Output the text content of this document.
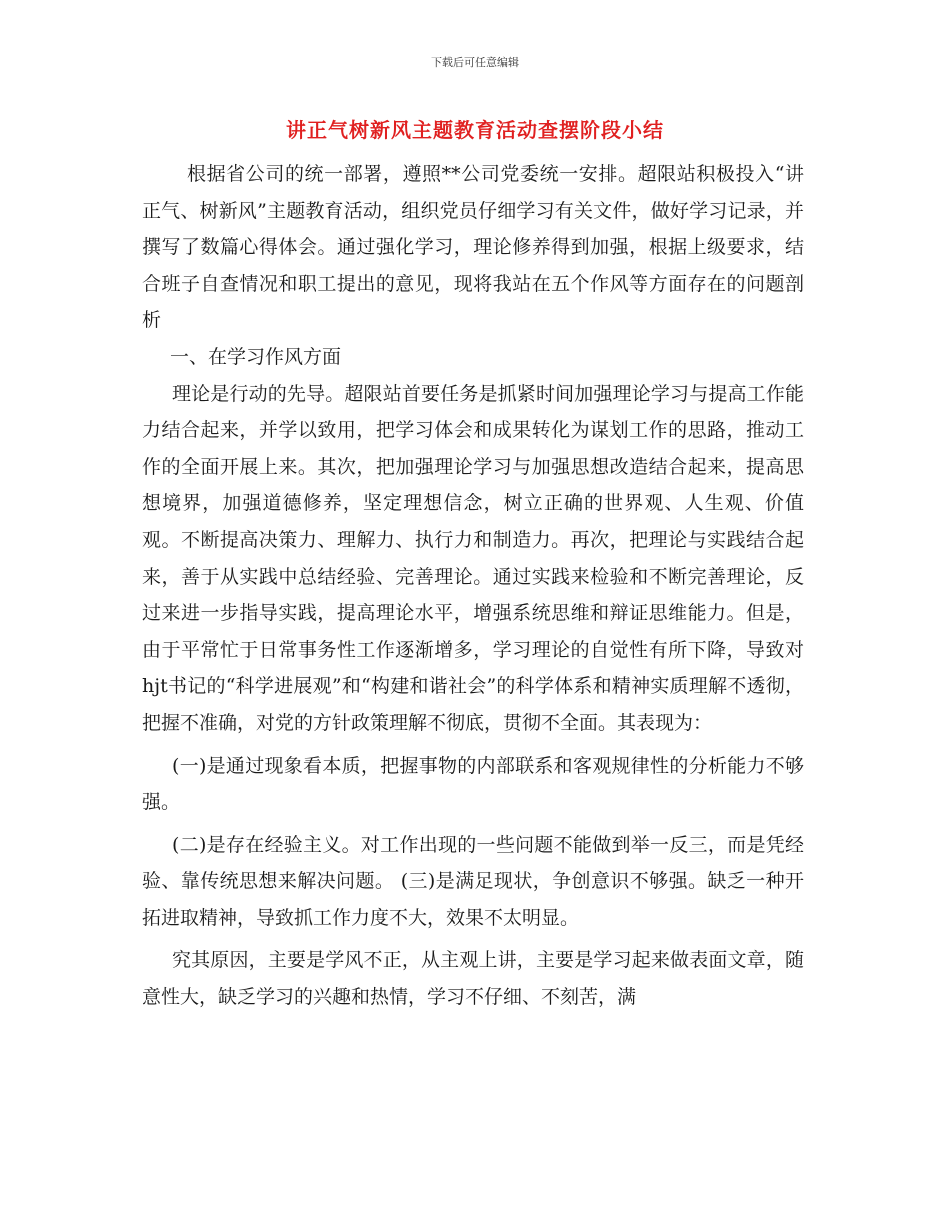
下载后可任意编辑
讲正气树新风主题教育活动查摆阶段小结

根据省公司的统一部署，遵照**公司党委统一安排。超限站积极投入“讲正气、树新风”主题教育活动，组织党员仔细学习有关文件，做好学习记录，并撰写了数篇心得体会。通过强化学习，理论修养得到加强，根据上级要求，结合班子自查情况和职工提出的意见，现将我站在五个作风等方面存在的问题剖析

一、在学习作风方面

理论是行动的先导。超限站首要任务是抓紧时间加强理论学习与提高工作能力结合起来，并学以致用，把学习体会和成果转化为谋划工作的思路，推动工作的全面开展上来。其次，把加强理论学习与加强思想改造结合起来，提高思想境界，加强道德修养，坚定理想信念，树立正确的世界观、人生观、价值观。不断提高决策力、理解力、执行力和制造力。再次，把理论与实践结合起来，善于从实践中总结经验、完善理论。通过实践来检验和不断完善理论，反过来进一步指导实践，提高理论水平，增强系统思维和辩证思维能力。但是，由于平常忙于日常事务性工作逐渐增多，学习理论的自觉性有所下降，导致对hjt书记的“科学进展观”和“构建和谐社会”的科学体系和精神实质理解不透彻，把握不准确，对党的方针政策理解不彻底，贯彻不全面。其表现为：

(一)是通过现象看本质，把握事物的内部联系和客观规律性的分析能力不够强。

(二)是存在经验主义。对工作出现的一些问题不能做到举一反三，而是凭经验、靠传统思想来解决问题。 (三)是满足现状，争创意识不够强。缺乏一种开拓进取精神，导致抓工作力度不大，效果不太明显。

究其原因，主要是学风不正，从主观上讲，主要是学习起来做表面文章，随意性大，缺乏学习的兴趣和热情，学习不仔细、不刻苦，满
